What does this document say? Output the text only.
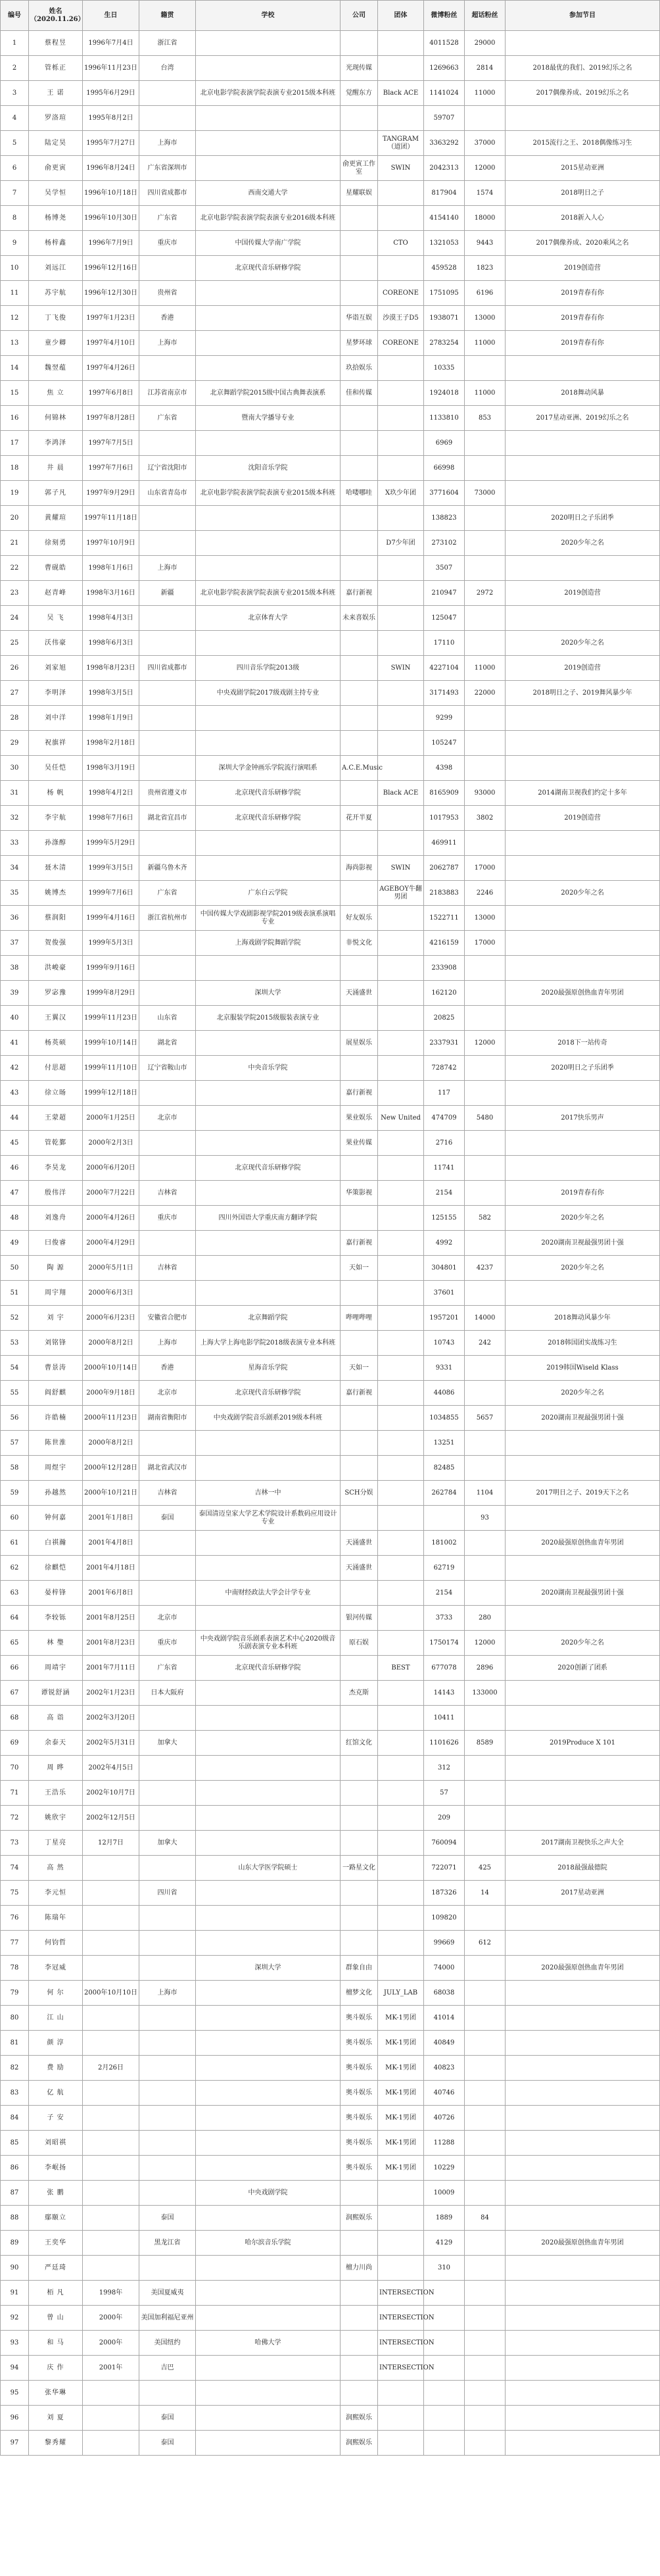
编号	姓名（2020.11.26）	生日	籍贯	学校	公司	团体	微博粉丝	超话粉丝	参加节目
1	蔡程昱	1996年7月4日	浙江省				4011528	29000	
2	管栎正	1996年11月23日	台湾		光现传媒		1269663	2814	2018最优的我们、2019幻乐之名
3	王 诺	1995年6月29日		北京电影学院表演学院表演专业2015级本科班	觉醒东方	Black ACE	1141024	11000	2017偶像养成、2019幻乐之名
4	罗洛瑄	1995年8月2日					59707		
5	陆定昊	1995年7月27日	上海市			TANGRAM（道团）	3363292	37000	2015流行之王、2018偶像练习生
6	俞更寅	1996年8月24日	广东省深圳市		俞更寅工作室	SWIN	2042313	12000	2015星动亚洲
7	吴学恒	1996年10月18日	四川省成都市	西南交通大学	星耀联娱		817904	1574	2018明日之子
8	杨博尧	1996年10月30日	广东省	北京电影学院表演学院表演专业2016级本科班			4154140	18000	2018新入人心
9	杨梓鑫	1996年7月9日	重庆市	中国传媒大学南广学院		CTO	1321053	9443	2017偶像养成、2020乘风之名
10	刘远江	1996年12月16日		北京现代音乐研修学院			459528	1823	2019创造营
11	苏宇航	1996年12月30日	贵州省			COREONE	1751095	6196	2019青春有你
12	丁飞俊	1997年1月23日	香港		华诣互娱	沙漠王子D5	1938071	13000	2019青春有你
13	童少卿	1997年4月10日	上海市		星梦环球	COREONE	2783254	11000	2019青春有你
14	魏翌蕴	1997年4月26日			玖拾娱乐		10335		
15	焦 立	1997年6月8日	江苏省南京市	北京舞蹈学院2015级中国古典舞表演系	佳和传媒		1924018	11000	2018舞动风暴
16	何锦林	1997年8月28日	广东省	暨南大学播导专业			1133810	853	2017星动亚洲、2019幻乐之名
17	李鸿泽	1997年7月5日					6969		
18	井 晨	1997年7月6日	辽宁省沈阳市	沈阳音乐学院			66998		
19	郭子凡	1997年9月29日	山东省青岛市	北京电影学院表演学院表演专业2015级本科班	哈喽哪哇	X玖少年团	3771604	73000	
20	黄耀瑄	1997年11月18日					138823		2020明日之子乐团季
21	徐刻勇	1997年10月9日				D7少年团	273102		2020少年之名
22	曹砚皓	1998年1月6日	上海市				3507		
23	赵青峰	1998年3月16日	新疆	北京电影学院表演学院表演专业2015级本科班	嘉行新视		210947	2972	2019创造营
24	吴 飞	1998年4月3日		北京体育大学	未来喜娱乐		125047		
25	沃伟豪	1998年6月3日					17110		2020少年之名
26	刘家旭	1998年8月23日	四川省成都市	四川音乐学院2013级		SWIN	4227104	11000	2019创造营
27	李明泽	1998年3月5日		中央戏剧学院2017级戏剧主持专业			3171493	22000	2018明日之子、2019舞风暴少年
28	刘中洋	1998年1月9日					9299		
29	祝旗祥	1998年2月18日					105247		
30	吴任恺	1998年3月19日		深圳大学金钟画乐学院流行演唱系	A.C.E.Music		4398		
31	杨 帆	1998年4月2日	贵州省遵义市	北京现代音乐研修学院		Black ACE	8165909	93000	2014湖南卫视我们约定十多年
32	李宇航	1998年7月6日	湖北省宜昌市	北京现代音乐研修学院	花开半夏		1017953	3802	2019创造营
33	孙涤醇	1999年5月29日					469911		
34	聂木清	1999年3月5日	新疆乌鲁木齐		海尚影视	SWIN	2062787	17000	
35	姚博杰	1999年7月6日	广东省	广东白云学院		AGEBOY牛翻男团	2183883	2246	2020少年之名
36	蔡润阳	1999年4月16日	浙江省杭州市	中国传媒大学戏剧影视学院2019级表演系演唱专业	好友娱乐		1522711	13000	
37	贺俊强	1999年5月3日		上海戏剧学院舞蹈学院	非悦文化		4216159	17000	
38	洪峻豪	1999年9月16日					233908		
39	罗宓豫	1999年8月29日		深圳大学	天涌盛世		162120		2020最强原创热血青年男团
40	王翼汉	1999年11月23日	山东省	北京服装学院2015级服装表演专业			20825		
41	杨英硕	1999年10月14日	湖北省		展星娱乐		2337931	12000	2018下一站传奇
42	付思超	1999年11月10日	辽宁省鞍山市	中央音乐学院			728742		2020明日之子乐团季
43	徐立旸	1999年12月18日			嘉行新视		117		
44	王蒙超	2000年1月25日	北京市		果业娱乐	New United	474709	5480	2017快乐男声
45	管乾鄞	2000年2月3日			果业传媒		2716		
46	李昊龙	2000年6月20日		北京现代音乐研修学院			11741		
47	殷伟洋	2000年7月22日	吉林省		华策影视		2154		2019青春有你
48	刘逸舟	2000年4月26日	重庆市	四川外国语大学重庆南方翻译学院			125155	582	2020少年之名
49	曰俊睿	2000年4月29日			嘉行新视		4992		2020湖南卫视最强男团十强
50	陶 源	2000年5月1日	吉林省		天如一		304801	4237	2020少年之名
51	周宇翔	2000年6月3日					37601		
52	刘 宇	2000年6月23日	安徽省合肥市	北京舞蹈学院	哔哩哔哩		1957201	14000	2018舞动风暴少年
53	刘铭锋	2000年8月2日	上海市	上海大学上海电影学院2018级表演专业本科班			10743	242	2018韩国团实战练习生
54	曹景涛	2000年10月14日	香港	星海音乐学院	天如一		9331		2019韩国Wiseld Klass
55	阎舒麒	2000年9月18日	北京市	北京现代音乐研修学院	嘉行新视		44086		2020少年之名
56	许皓楠	2000年11月23日	湖南省衡阳市	中央戏剧学院音乐剧系2019级本科班			1034855	5657	2020湖南卫视最强男团十强
57	陈世淮	2000年8月2日					13251		
58	周煜宇	2000年12月28日	湖北省武汉市				82485		
59	孙越然	2000年10月21日	吉林省	吉林一中	SCH分娱		262784	1104	2017明日之子、2019天下之名
60	钟何嘉	2001年1月8日	泰国	泰国清迈皇家大学艺术学院设计系数码应用设计专业				93	
61	白祺瀚	2001年4月8日			天涌盛世		181002		2020最强原创热血青年男团
62	徐麒恺	2001年4月18日			天涌盛世		62719		
63	晏梓锋	2001年6月8日		中南财经政法大学会计学专业			2154		2020湖南卫视最强男团十强
64	李较铄	2001年8月25日	北京市		银河传媒		3733	280	
65	林 璺	2001年8月23日	重庆市	中央戏剧学院音乐剧系表演艺术中心2020级音乐剧表演专业本科班	原石娱		1750174	12000	2020少年之名
66	周靖宇	2001年7月11日	广东省	北京现代音乐研修学院		BEST	677078	2896	2020创新了团系
67	谭锐舒涵	2002年1月23日	日本大阪府		杰克斯		14143	133000	
68	高 诣	2002年3月20日					10411		
69	余泰天	2002年5月31日	加拿大		红馆文化		1101626	8589	2019Produce X 101
70	周 晔	2002年4月5日					312		
71	王浩乐	2002年10月7日					57		
72	姚欣宇	2002年12月5日					209		
73	丁星亮	12月7日	加拿大				760094		2017湖南卫视快乐之声大全
74	高 然			山东大学医学院硕士	一路星文化		722071	425	2018最强最德院
75	李元恒		四川省				187326	14	2017星动亚洲
76	陈瑞年						109820		
77	何钧哲						99669	612	
78	李冠威			深圳大学	群象自由		74000		2020最强原创热血青年男团
79	何 尔	2000年10月10日	上海市		檀梦文化	JULY_LAB	68038		
80	江 山				奥斗娱乐	MK-1男团	41014		
81	颜 淳				奥斗娱乐	MK-1男团	40849		
82	费 励	2月26日			奥斗娱乐	MK-1男团	40823		
83	亿 航				奥斗娱乐	MK-1男团	40746		
84	子 安				奥斗娱乐	MK-1男团	40726		
85	刘昭祺				奥斗娱乐	MK-1男团	11288		
86	李岷扬				奥斗娱乐	MK-1男团	10229		
87	张 鹏			中央戏剧学院			10009		
88	鄢颐立		泰国		润熙娱乐		1889	84	
89	王奕华		黑龙江省	哈尔滨音乐学院			4129		2020最强原创热血青年男团
90	严廷琦				檀力川尚		310		
91	栢 凡	1998年	美国夏威夷			INTERSECTION			
92	曾 山	2000年	美国加利福尼亚州			INTERSECTION			
93	和 马	2000年	美国纽约	哈佛大学		INTERSECTION			
94	庆 作	2001年	吉巴			INTERSECTION			
95	张华琳								
96	刘 夏		泰国		润熙娱乐				
97	黎秀耀		泰国		润熙娱乐				
